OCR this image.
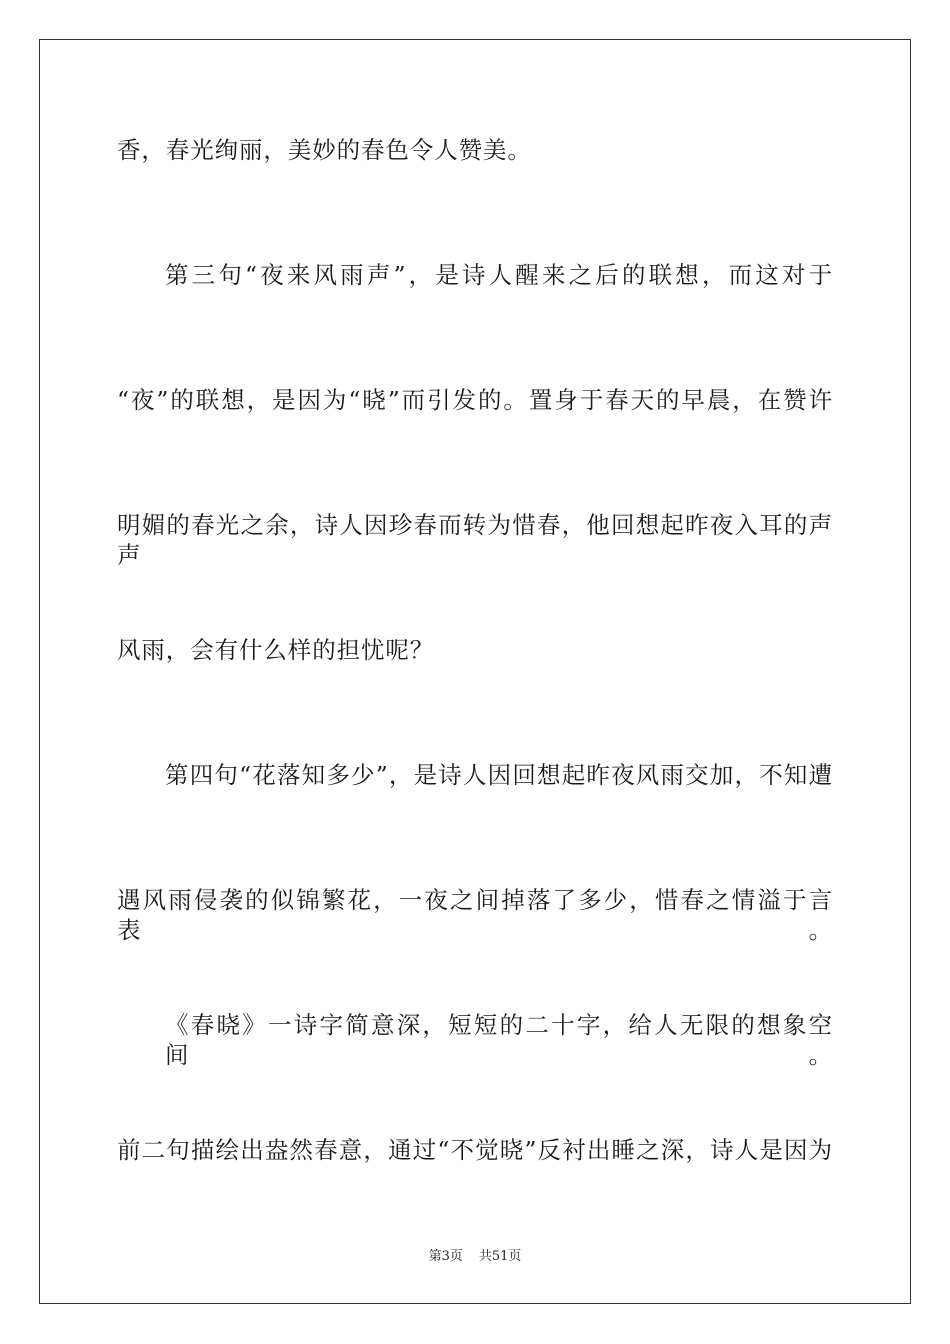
香，春光绚丽，美妙的春色令人赞美。
第三句“夜来风雨声”，是诗人醒来之后的联想，而这对于
“夜”的联想，是因为“晓”而引发的。置身于春天的早晨，在赞许
明媚的春光之余，诗人因珍春而转为惜春，他回想起昨夜入耳的声声
风雨，会有什么样的担忧呢？
第四句“花落知多少”，是诗人因回想起昨夜风雨交加，不知遭
遇风雨侵袭的似锦繁花，一夜之间掉落了多少，惜春之情溢于言表。
《春晓》一诗字简意深，短短的二十字，给人无限的想象空间。
前二句描绘出盎然春意，通过“不觉晓”反衬出睡之深，诗人是因为
第3页 共51页
